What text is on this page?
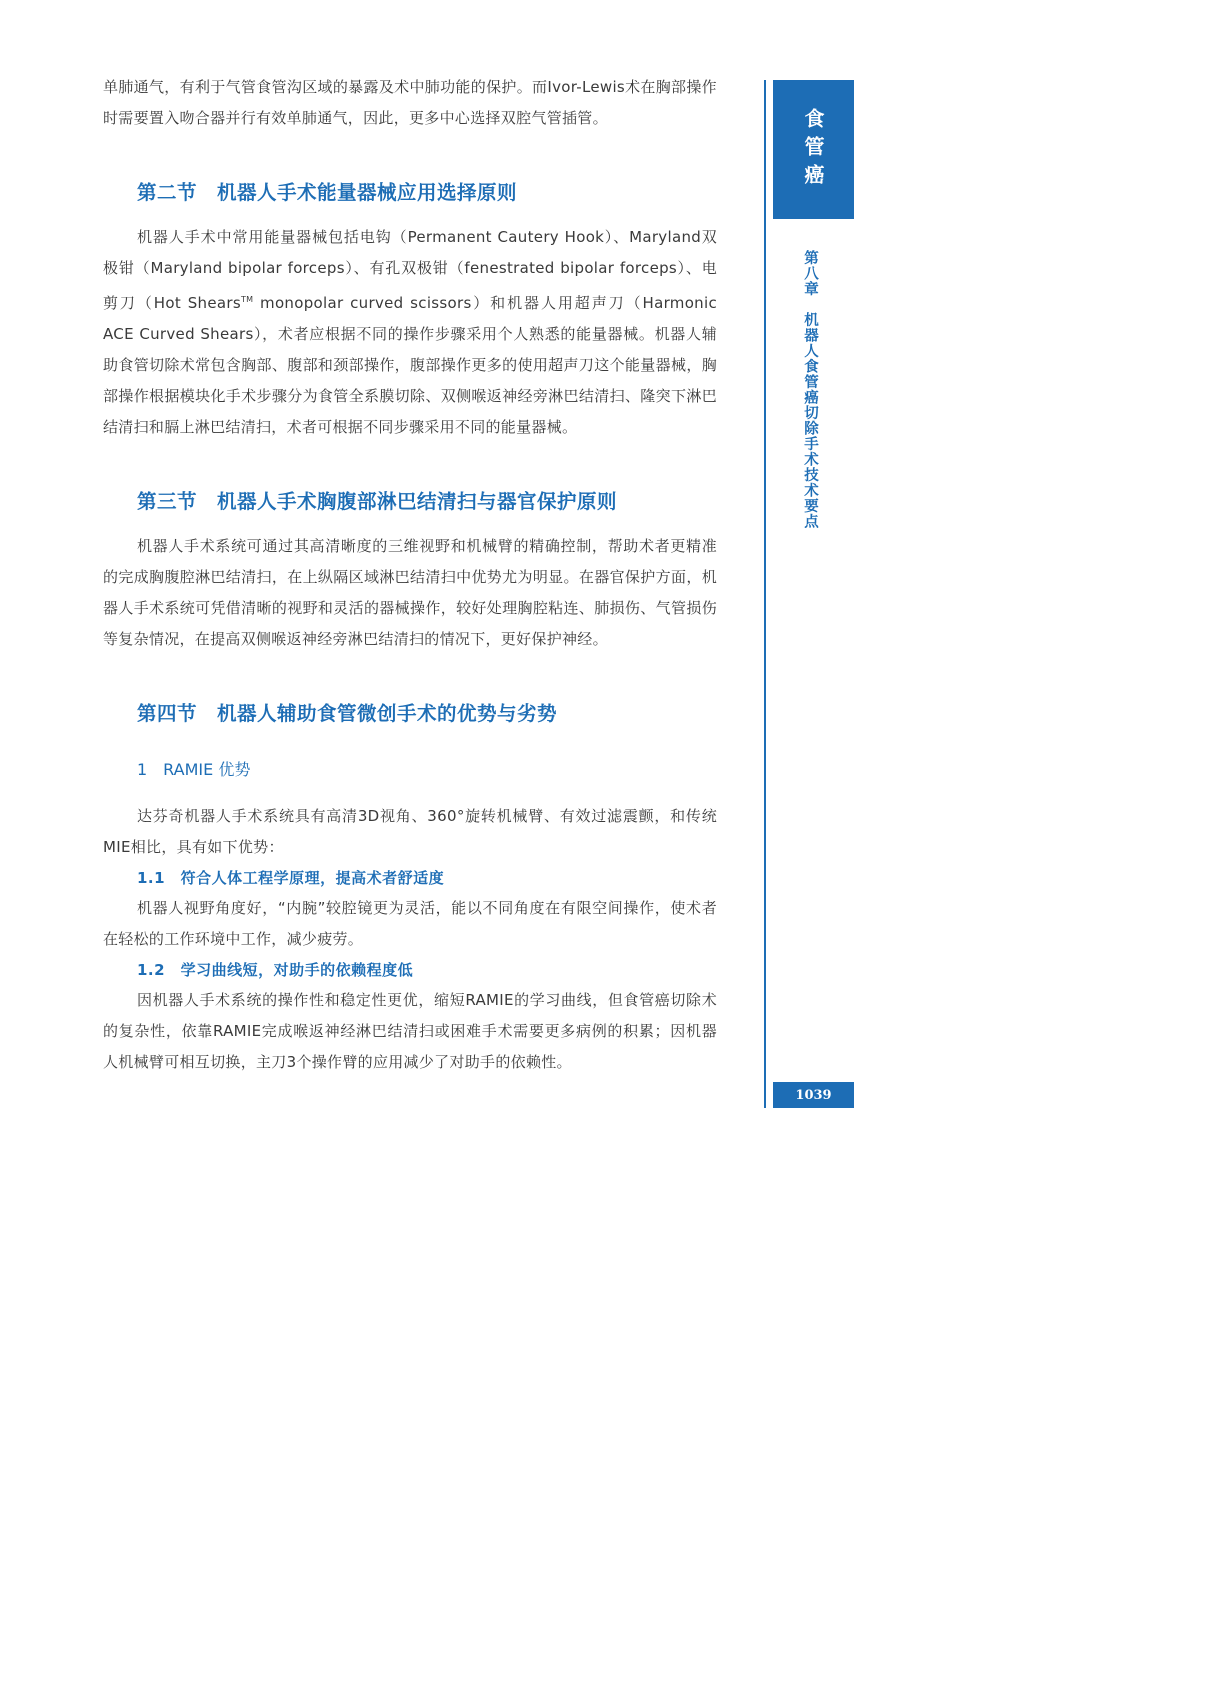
单肺通气，有利于气管食管沟区域的暴露及术中肺功能的保护。而Ivor-Lewis术在胸部操作时需要置入吻合器并行有效单肺通气，因此，更多中心选择双腔气管插管。

第二节　机器人手术能量器械应用选择原则

机器人手术中常用能量器械包括电钩（Permanent Cautery Hook）、Maryland双极钳（Maryland bipolar forceps）、有孔双极钳（fenestrated bipolar forceps）、电剪刀（Hot Shears™ monopolar curved scissors）和机器人用超声刀（Harmonic ACE Curved Shears），术者应根据不同的操作步骤采用个人熟悉的能量器械。机器人辅助食管切除术常包含胸部、腹部和颈部操作，腹部操作更多的使用超声刀这个能量器械，胸部操作根据模块化手术步骤分为食管全系膜切除、双侧喉返神经旁淋巴结清扫、隆突下淋巴结清扫和膈上淋巴结清扫，术者可根据不同步骤采用不同的能量器械。

第三节　机器人手术胸腹部淋巴结清扫与器官保护原则

机器人手术系统可通过其高清晰度的三维视野和机械臂的精确控制，帮助术者更精准的完成胸腹腔淋巴结清扫，在上纵隔区域淋巴结清扫中优势尤为明显。在器官保护方面，机器人手术系统可凭借清晰的视野和灵活的器械操作，较好处理胸腔粘连、肺损伤、气管损伤等复杂情况，在提高双侧喉返神经旁淋巴结清扫的情况下，更好保护神经。

第四节　机器人辅助食管微创手术的优势与劣势
1　RAMIE 优势

达芬奇机器人手术系统具有高清3D视角、360°旋转机械臂、有效过滤震颤，和传统MIE相比，具有如下优势：

1.1　符合人体工程学原理，提高术者舒适度

机器人视野角度好，“内腕”较腔镜更为灵活，能以不同角度在有限空间操作，使术者在轻松的工作环境中工作，减少疲劳。

1.2　学习曲线短，对助手的依赖程度低

因机器人手术系统的操作性和稳定性更优，缩短RAMIE的学习曲线，但食管癌切除术的复杂性，依靠RAMIE完成喉返神经淋巴结清扫或困难手术需要更多病例的积累；因机器人机械臂可相互切换，主刀3个操作臂的应用减少了对助手的依赖性。

食管癌
第八章　机器人食管癌切除手术技术要点
1039
